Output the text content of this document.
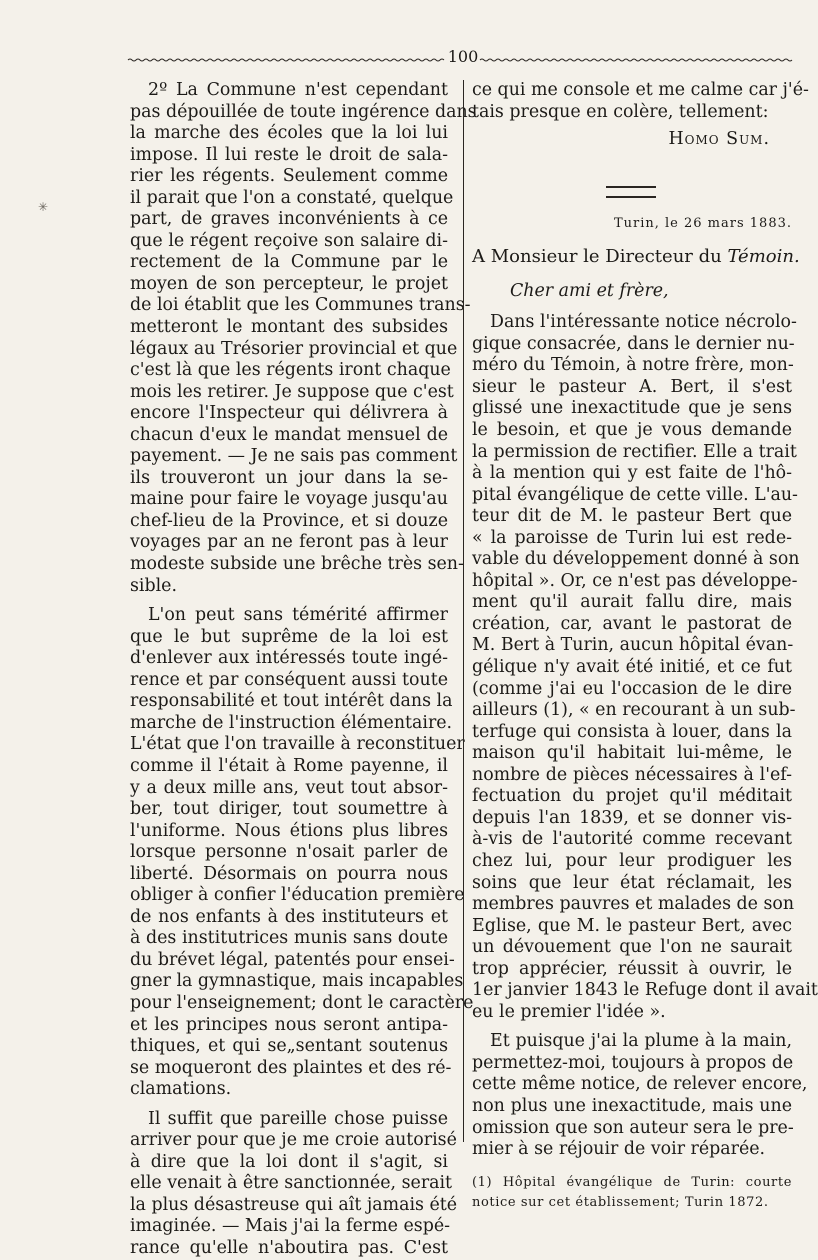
100
✳
2º La Commune n'est cependant
pas dépouillée de toute ingérence dans
la marche des écoles que la loi lui
impose. Il lui reste le droit de sala-
rier les régents. Seulement comme
il parait que l'on a constaté, quelque
part, de graves inconvénients à ce
que le régent reçoive son salaire di-
rectement de la Commune par le
moyen de son percepteur, le projet
de loi établit que les Communes trans-
metteront le montant des subsides
légaux au Trésorier provincial et que
c'est là que les régents iront chaque
mois les retirer. Je suppose que c'est
encore l'Inspecteur qui délivrera à
chacun d'eux le mandat mensuel de
payement. — Je ne sais pas comment
ils trouveront un jour dans la se-
maine pour faire le voyage jusqu'au
chef-lieu de la Province, et si douze
voyages par an ne feront pas à leur
modeste subside une brêche très sen-
sible.
L'on peut sans témérité affirmer
que le but suprême de la loi est
d'enlever aux intéressés toute ingé-
rence et par conséquent aussi toute
responsabilité et tout intérêt dans la
marche de l'instruction élémentaire.
L'état que l'on travaille à reconstituer
comme il l'était à Rome payenne, il
y a deux mille ans, veut tout absor-
ber, tout diriger, tout soumettre à
l'uniforme. Nous étions plus libres
lorsque personne n'osait parler de
liberté. Désormais on pourra nous
obliger à confier l'éducation première
de nos enfants à des instituteurs et
à des institutrices munis sans doute
du brévet légal, patentés pour ensei-
gner la gymnastique, mais incapables
pour l'enseignement; dont le caractère
et les principes nous seront antipa-
thiques, et qui se„sentant soutenus
se moqueront des plaintes et des ré-
clamations.
Il suffit que pareille chose puisse
arriver pour que je me croie autorisé
à dire que la loi dont il s'agit, si
elle venait à être sanctionnée, serait
la plus désastreuse qui aît jamais été
imaginée. — Mais j'ai la ferme espé-
rance qu'elle n'aboutira pas. C'est
ce qui me console et me calme car j'é-
tais presque en colère, tellement:
Homo Sum.
Turin, le 26 mars 1883.
A Monsieur le Directeur du Témoin.
Cher ami et frère,
Dans l'intéressante notice nécrolo-
gique consacrée, dans le dernier nu-
méro du Témoin, à notre frère, mon-
sieur le pasteur A. Bert, il s'est
glissé une inexactitude que je sens
le besoin, et que je vous demande
la permission de rectifier. Elle a trait
à la mention qui y est faite de l'hô-
pital évangélique de cette ville. L'au-
teur dit de M. le pasteur Bert que
« la paroisse de Turin lui est rede-
vable du développement donné à son
hôpital ». Or, ce n'est pas développe-
ment qu'il aurait fallu dire, mais
création, car, avant le pastorat de
M. Bert à Turin, aucun hôpital évan-
gélique n'y avait été initié, et ce fut
(comme j'ai eu l'occasion de le dire
ailleurs (1), « en recourant à un sub-
terfuge qui consista à louer, dans la
maison qu'il habitait lui-même, le
nombre de pièces nécessaires à l'ef-
fectuation du projet qu'il méditait
depuis l'an 1839, et se donner vis-
à-vis de l'autorité comme recevant
chez lui, pour leur prodiguer les
soins que leur état réclamait, les
membres pauvres et malades de son
Eglise, que M. le pasteur Bert, avec
un dévouement que l'on ne saurait
trop apprécier, réussit à ouvrir, le
1er janvier 1843 le Refuge dont il avait
eu le premier l'idée ».
Et puisque j'ai la plume à la main,
permettez-moi, toujours à propos de
cette même notice, de relever encore,
non plus une inexactitude, mais une
omission que son auteur sera le pre-
mier à se réjouir de voir réparée.
(1) Hôpital évangélique de Turin: courte
notice sur cet établissement; Turin 1872.
